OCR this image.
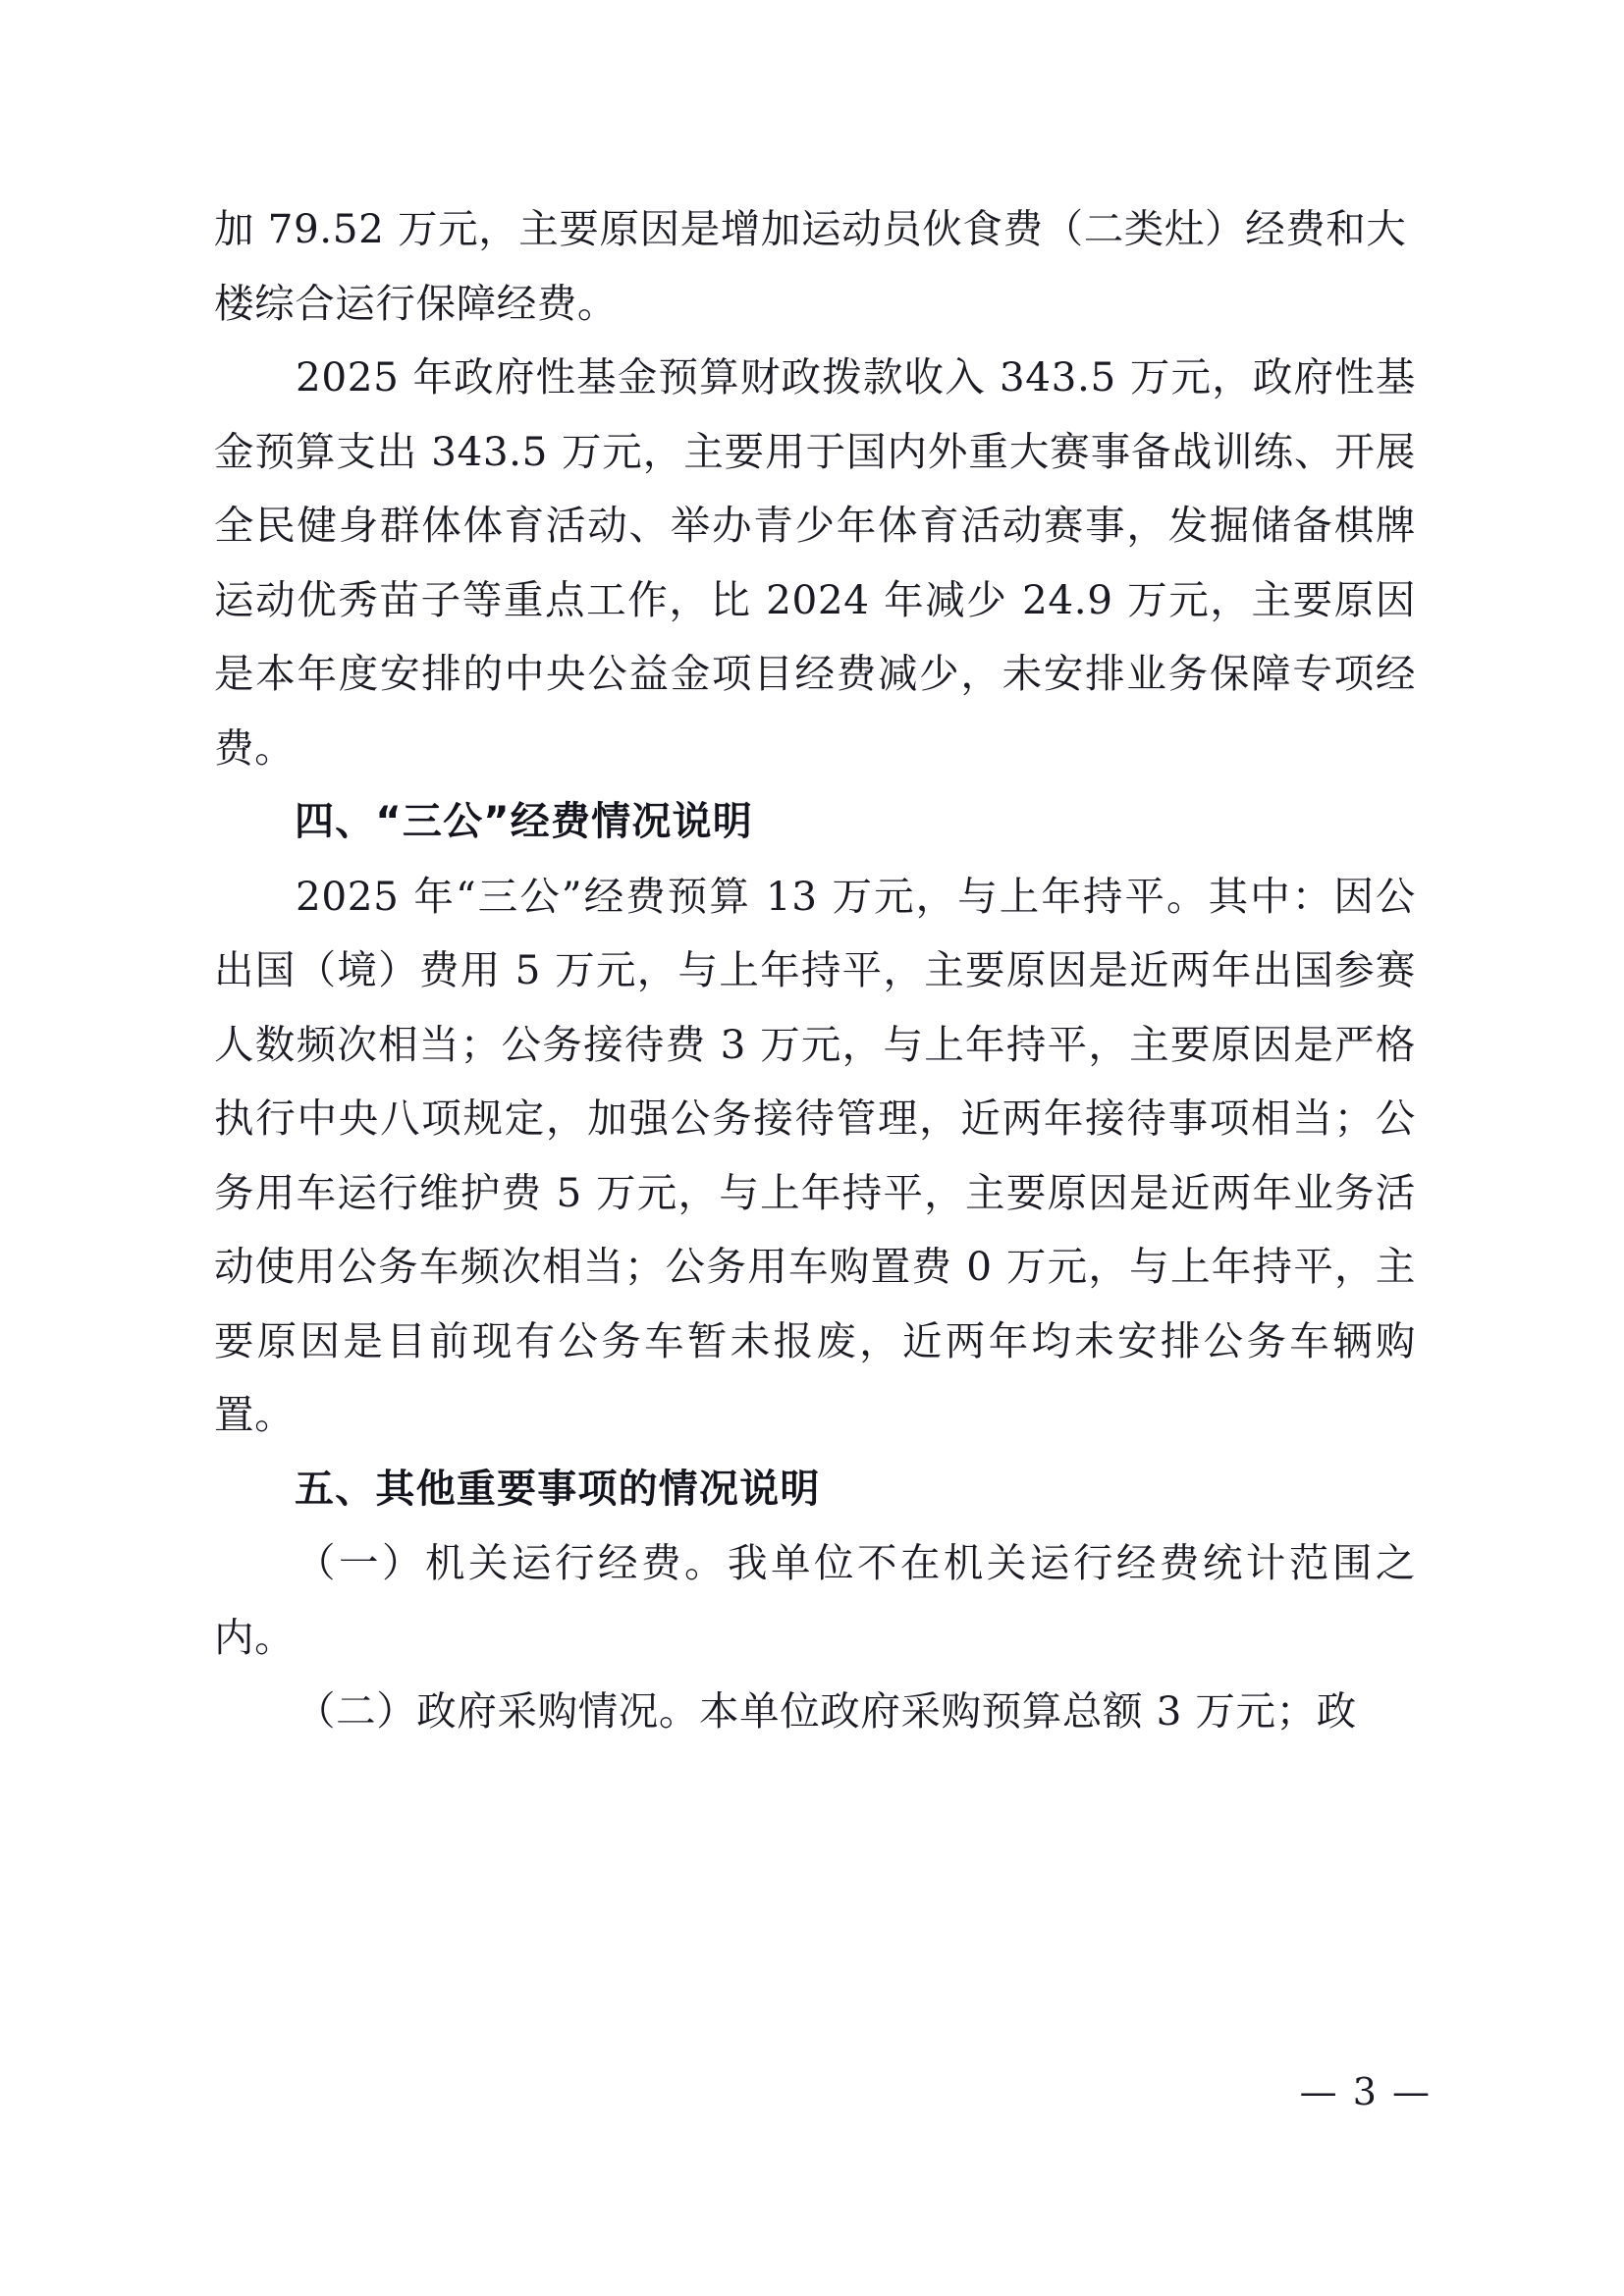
加 79.52 万元，主要原因是增加运动员伙食费（二类灶）经费和大楼综合运行保障经费。

2025 年政府性基金预算财政拨款收入 343.5 万元，政府性基金预算支出 343.5 万元，主要用于国内外重大赛事备战训练、开展全民健身群体体育活动、举办青少年体育活动赛事，发掘储备棋牌运动优秀苗子等重点工作，比 2024 年减少 24.9 万元，主要原因是本年度安排的中央公益金项目经费减少，未安排业务保障专项经费。

四、“三公”经费情况说明

2025 年“三公”经费预算 13 万元，与上年持平。其中：因公出国（境）费用 5 万元，与上年持平，主要原因是近两年出国参赛人数频次相当；公务接待费 3 万元，与上年持平，主要原因是严格执行中央八项规定，加强公务接待管理，近两年接待事项相当；公务用车运行维护费 5 万元，与上年持平，主要原因是近两年业务活动使用公务车频次相当；公务用车购置费 0 万元，与上年持平，主要原因是目前现有公务车暂未报废，近两年均未安排公务车辆购置。

五、其他重要事项的情况说明

（一）机关运行经费。我单位不在机关运行经费统计范围之内。

（二）政府采购情况。本单位政府采购预算总额 3 万元；政

— 3 —
